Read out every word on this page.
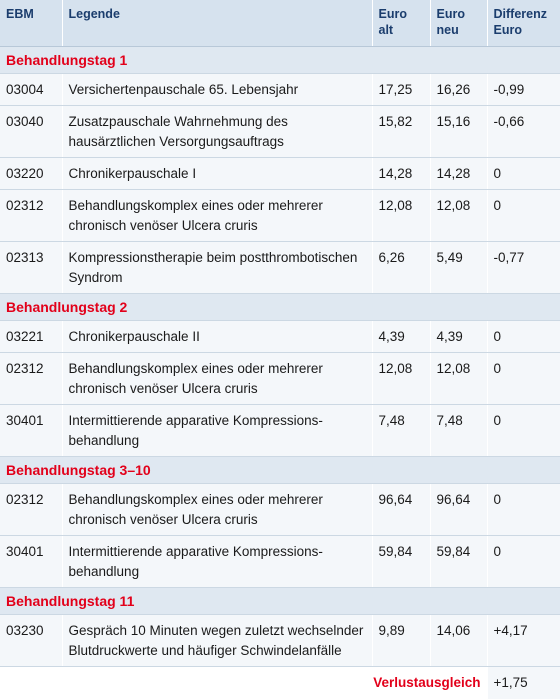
EBM	Legende	Euro alt	Euro neu	Differenz Euro
Behandlungstag 1				
03004	Versichertenpauschale 65. Lebensjahr	17,25	16,26	-0,99
03040	Zusatzpauschale Wahrnehmung des hausärztlichen Versorgungsauftrags	15,82	15,16	-0,66
03220	Chronikerpauschale I	14,28	14,28	0
02312	Behandlungskomplex eines oder mehrerer chronisch venöser Ulcera cruris	12,08	12,08	0
02313	Kompressionstherapie beim postthrombotischen Syndrom	6,26	5,49	-0,77
Behandlungstag 2				
03221	Chronikerpauschale II	4,39	4,39	0
02312	Behandlungskomplex eines oder mehrerer chronisch venöser Ulcera cruris	12,08	12,08	0
30401	Intermittierende apparative Kompressionsbehandlung	7,48	7,48	0
Behandlungstag 3–10				
02312	Behandlungskomplex eines oder mehrerer chronisch venöser Ulcera cruris	96,64	96,64	0
30401	Intermittierende apparative Kompressionsbehandlung	59,84	59,84	0
Behandlungstag 11				
03230	Gespräch 10 Minuten wegen zuletzt wechselnder Blutdruckwerte und häufiger Schwindelanfälle	9,89	14,06	+4,17
Verlustausgleich				+1,75
